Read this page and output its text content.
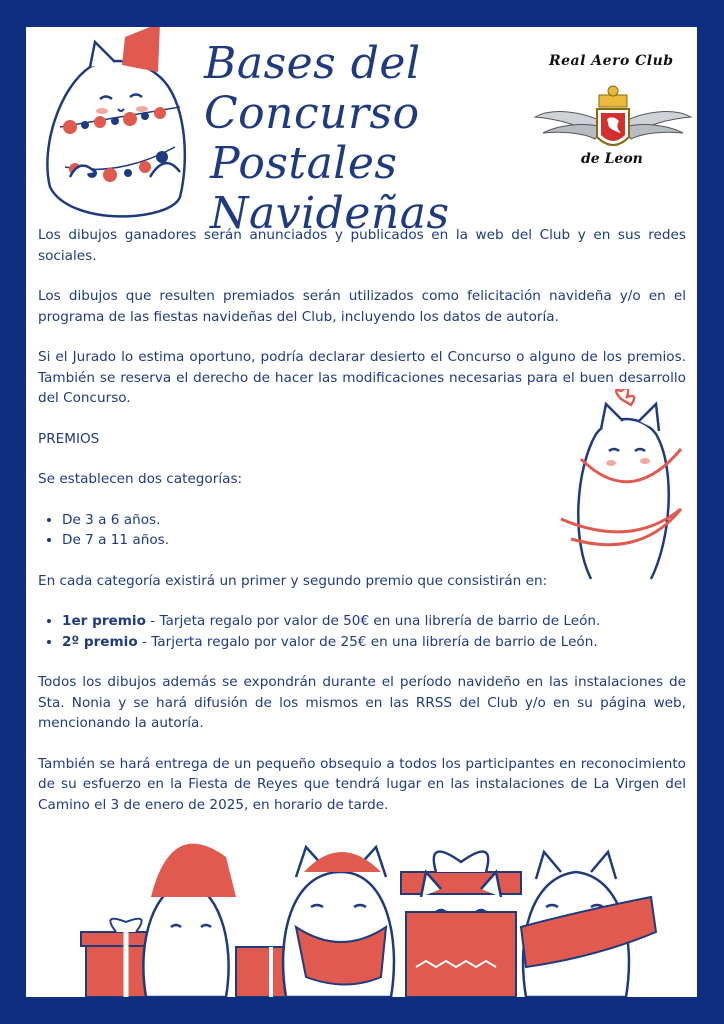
Bases del Concurso
Postales Navideñas
Real Aero Club
de Leon

Los dibujos ganadores serán anunciados y publicados en la web del Club y en sus redes sociales.

Los dibujos que resulten premiados serán utilizados como felicitación navideña y/o en el programa de las fiestas navideñas del Club, incluyendo los datos de autoría.

Si el Jurado lo estima oportuno, podría declarar desierto el Concurso o alguno de los premios. También se reserva el derecho de hacer las modificaciones necesarias para el buen desarrollo del Concurso.

PREMIOS

Se establecen dos categorías:

• De 3 a 6 años.
• De 7 a 11 años.

En cada categoría existirá un primer y segundo premio que consistirán en:

• 1er premio - Tarjeta regalo por valor de 50€ en una librería de barrio de León.
• 2º premio - Tarjerta regalo por valor de 25€ en una librería de barrio de León.

Todos los dibujos además se expondrán durante el período navideño en las instalaciones de Sta. Nonia y se hará difusión de los mismos en las RRSS del Club y/o en su página web, mencionando la autoría.

También se hará entrega de un pequeño obsequio a todos los participantes en reconocimiento de su esfuerzo en la Fiesta de Reyes que tendrá lugar en las instalaciones de La Virgen del Camino el 3 de enero de 2025, en horario de tarde.
